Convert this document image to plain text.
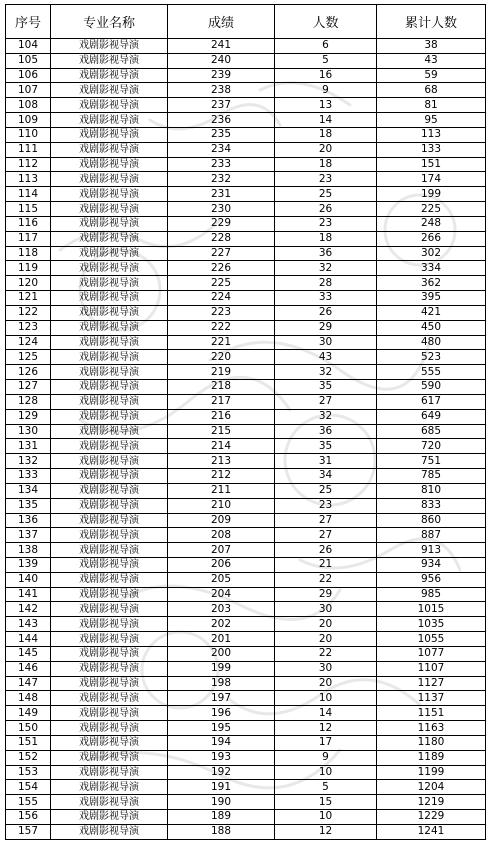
序号	专业名称	成绩	人数	累计人数
104	戏剧影视导演	241	6	38
105	戏剧影视导演	240	5	43
106	戏剧影视导演	239	16	59
107	戏剧影视导演	238	9	68
108	戏剧影视导演	237	13	81
109	戏剧影视导演	236	14	95
110	戏剧影视导演	235	18	113
111	戏剧影视导演	234	20	133
112	戏剧影视导演	233	18	151
113	戏剧影视导演	232	23	174
114	戏剧影视导演	231	25	199
115	戏剧影视导演	230	26	225
116	戏剧影视导演	229	23	248
117	戏剧影视导演	228	18	266
118	戏剧影视导演	227	36	302
119	戏剧影视导演	226	32	334
120	戏剧影视导演	225	28	362
121	戏剧影视导演	224	33	395
122	戏剧影视导演	223	26	421
123	戏剧影视导演	222	29	450
124	戏剧影视导演	221	30	480
125	戏剧影视导演	220	43	523
126	戏剧影视导演	219	32	555
127	戏剧影视导演	218	35	590
128	戏剧影视导演	217	27	617
129	戏剧影视导演	216	32	649
130	戏剧影视导演	215	36	685
131	戏剧影视导演	214	35	720
132	戏剧影视导演	213	31	751
133	戏剧影视导演	212	34	785
134	戏剧影视导演	211	25	810
135	戏剧影视导演	210	23	833
136	戏剧影视导演	209	27	860
137	戏剧影视导演	208	27	887
138	戏剧影视导演	207	26	913
139	戏剧影视导演	206	21	934
140	戏剧影视导演	205	22	956
141	戏剧影视导演	204	29	985
142	戏剧影视导演	203	30	1015
143	戏剧影视导演	202	20	1035
144	戏剧影视导演	201	20	1055
145	戏剧影视导演	200	22	1077
146	戏剧影视导演	199	30	1107
147	戏剧影视导演	198	20	1127
148	戏剧影视导演	197	10	1137
149	戏剧影视导演	196	14	1151
150	戏剧影视导演	195	12	1163
151	戏剧影视导演	194	17	1180
152	戏剧影视导演	193	9	1189
153	戏剧影视导演	192	10	1199
154	戏剧影视导演	191	5	1204
155	戏剧影视导演	190	15	1219
156	戏剧影视导演	189	10	1229
157	戏剧影视导演	188	12	1241
